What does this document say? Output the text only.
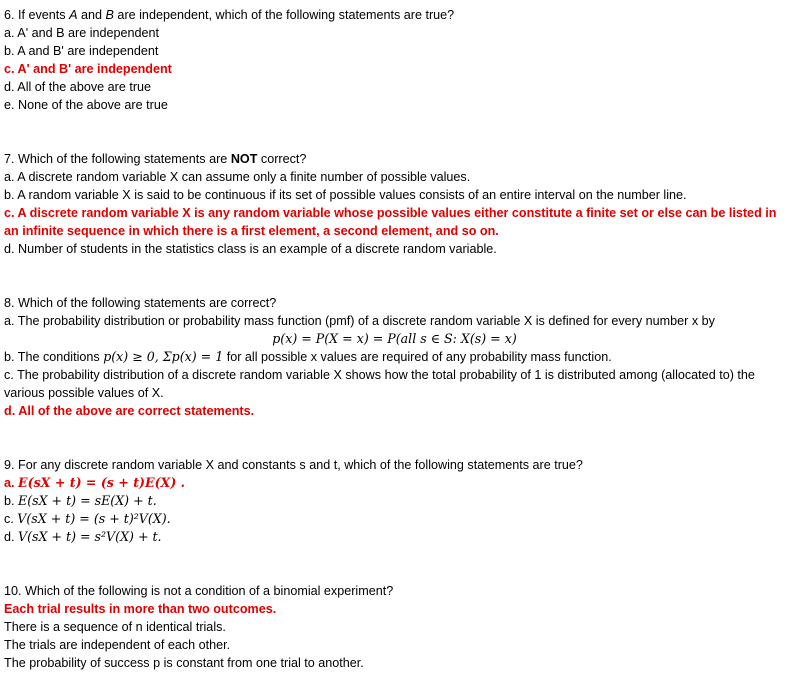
6. If events A and B are independent, which of the following statements are true?
a. A' and B are independent
b. A and B' are independent
c. A' and B' are independent
d. All of the above are true
e. None of the above are true
7. Which of the following statements are NOT correct?
a. A discrete random variable X can assume only a finite number of possible values.
b. A random variable X is said to be continuous if its set of possible values consists of an entire interval on the number line.
c. A discrete random variable X is any random variable whose possible values either constitute a finite set or else can be listed in an infinite sequence in which there is a first element, a second element, and so on.
d. Number of students in the statistics class is an example of a discrete random variable.
8. Which of the following statements are correct?
a. The probability distribution or probability mass function (pmf) of a discrete random variable X is defined for every number x by
p(x) = P(X = x) = P(all s ∈ S: X(s) = x)
b. The conditions p(x) ≥ 0, Σp(x) = 1 for all possible x values are required of any probability mass function.
c. The probability distribution of a discrete random variable X shows how the total probability of 1 is distributed among (allocated to) the various possible values of X.
d. All of the above are correct statements.
9. For any discrete random variable X and constants s and t, which of the following statements are true?
a. E(sX + t) = (s + t)E(X) .
b. E(sX + t) = sE(X) + t.
c. V(sX + t) = (s + t)²V(X).
d. V(sX + t) = s²V(X) + t.
10. Which of the following is not a condition of a binomial experiment?
Each trial results in more than two outcomes.
There is a sequence of n identical trials.
The trials are independent of each other.
The probability of success p is constant from one trial to another.
